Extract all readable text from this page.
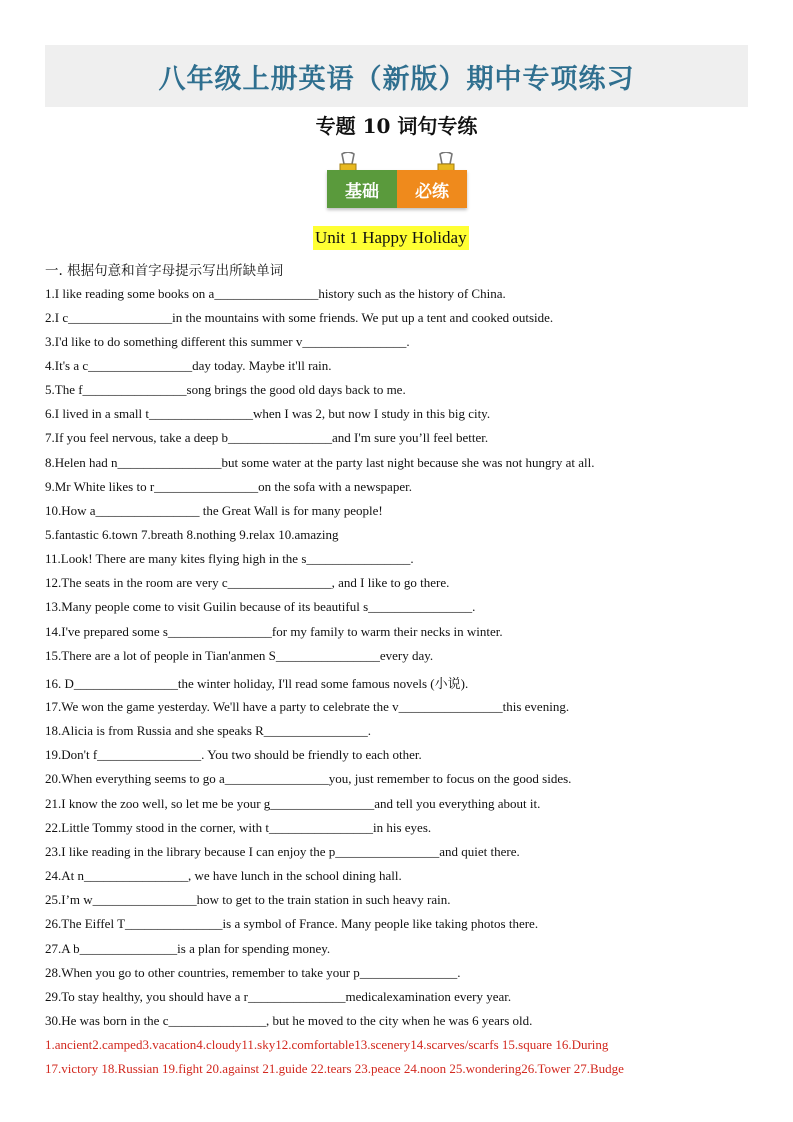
八年级上册英语（新版）期中专项练习
专题 10 词句专练
基础	必练
Unit 1 Happy Holiday
一. 根据句意和首字母提示写出所缺单词
1.I like reading some books on a________________history such as the history of China.
2.I c________________in the mountains with some friends. We put up a tent and cooked outside.
3.I'd like to do something different this summer v________________.
4.It's a c________________day today. Maybe it'll rain.
5.The f________________song brings the good old days back to me.
6.I lived in a small t________________when I was 2, but now I study in this big city.
7.If you feel nervous, take a deep b________________and I'm sure you’ll feel better.
8.Helen had n________________but some water at the party last night because she was not hungry at all.
9.Mr White likes to r________________on the sofa with a newspaper.
10.How a________________ the Great Wall is for many people!
5.fantastic 6.town 7.breath 8.nothing 9.relax 10.amazing
11.Look! There are many kites flying high in the s________________.
12.The seats in the room are very c________________, and I like to go there.
13.Many people come to visit Guilin because of its beautiful s________________.
14.I've prepared some s________________for my family to warm their necks in winter.
15.There are a lot of people in Tian'anmen S________________every day.
16. D________________the winter holiday, I'll read some famous novels (小说).
17.We won the game yesterday. We'll have a party to celebrate the v________________this evening.
18.Alicia is from Russia and she speaks R________________.
19.Don't f________________. You two should be friendly to each other.
20.When everything seems to go a________________you, just remember to focus on the good sides.
21.I know the zoo well, so let me be your g________________and tell you everything about it.
22.Little Tommy stood in the corner, with t________________in his eyes.
23.I like reading in the library because I can enjoy the p________________and quiet there.
24.At n________________, we have lunch in the school dining hall.
25.I’m w________________how to get to the train station in such heavy rain.
26.The Eiffel T_______________is a symbol of France. Many people like taking photos there.
27.A b_______________is a plan for spending money.
28.When you go to other countries, remember to take your p_______________.
29.To stay healthy, you should have a r_______________medicalexamination every year.
30.He was born in the c_______________, but he moved to the city when he was 6 years old.
1.ancient2.camped3.vacation4.cloudy11.sky12.comfortable13.scenery14.scarves/scarfs 15.square 16.During
17.victory 18.Russian 19.fight 20.against 21.guide 22.tears 23.peace 24.noon 25.wondering26.Tower 27.Budge
